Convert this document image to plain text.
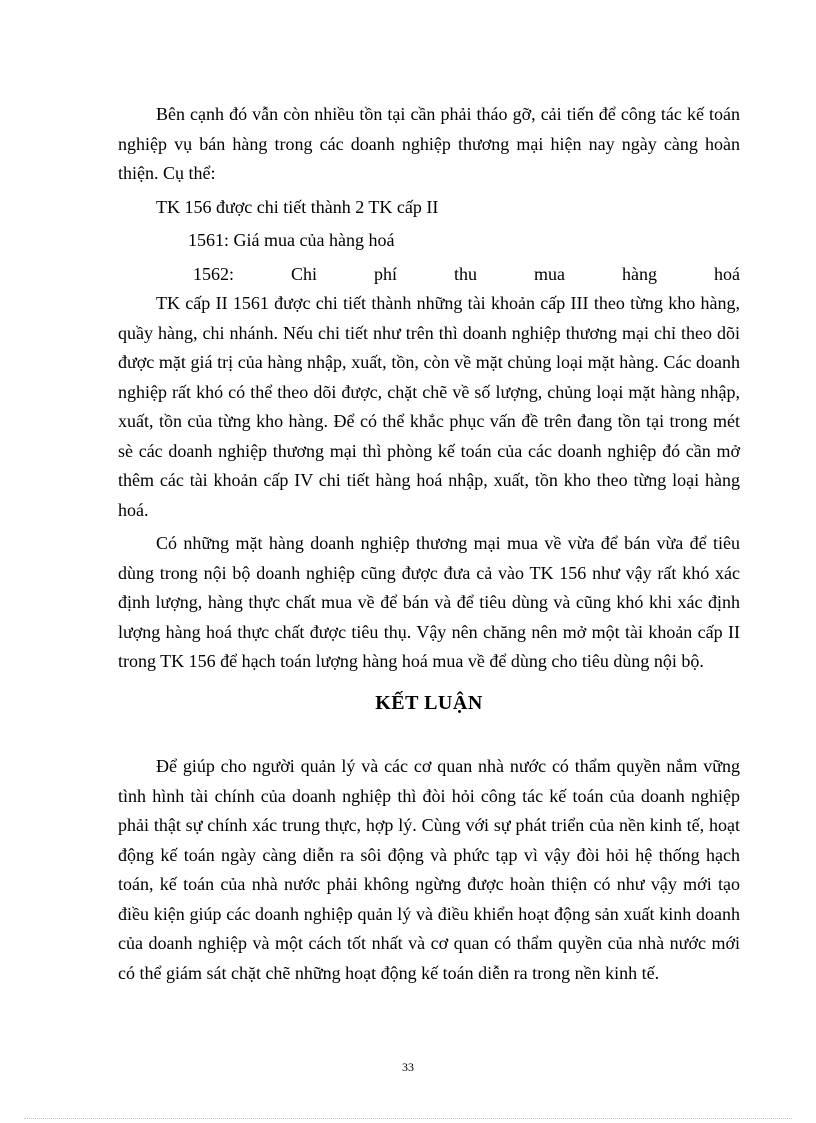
Bên cạnh đó vẫn còn nhiều tồn tại cần phải tháo gỡ, cải tiến để công tác kế toán nghiệp vụ bán hàng trong các doanh nghiệp thương mại hiện nay ngày càng hoàn thiện. Cụ thể:

TK 156 được chi tiết thành 2 TK cấp II

1561: Giá mua của hàng hoá

1562:	Chi	phí	thu	mua	hàng	hoá

TK cấp II 1561 được chi tiết thành những tài khoản cấp III theo từng kho hàng, quầy hàng, chi nhánh. Nếu chi tiết như trên thì doanh nghiệp thương mại chỉ theo dõi được mặt giá trị của hàng nhập, xuất, tồn, còn về mặt chủng loại mặt hàng. Các doanh nghiệp rất khó có thể theo dõi được, chặt chẽ về số lượng, chủng loại mặt hàng nhập, xuất, tồn của từng kho hàng. Để có thể khắc phục vấn đề trên đang tồn tại trong mét sè các doanh nghiệp thương mại thì phòng kế toán của các doanh nghiệp đó cần mở thêm các tài khoản cấp IV chi tiết hàng hoá nhập, xuất, tồn kho theo từng loại hàng hoá.

Có những mặt hàng doanh nghiệp thương mại mua về vừa để bán vừa để tiêu dùng trong nội bộ doanh nghiệp cũng được đưa cả vào TK 156 như vậy rất khó xác định lượng, hàng thực chất mua về để bán và để tiêu dùng và cũng khó khi xác định lượng hàng hoá thực chất được tiêu thụ. Vậy nên chăng nên mở một tài khoản cấp II trong TK 156 để hạch toán lượng hàng hoá mua về để dùng cho tiêu dùng nội bộ.

KẾT LUẬN

Để giúp cho người quản lý và các cơ quan nhà nước có thẩm quyền nắm vững tình hình tài chính của doanh nghiệp thì đòi hỏi công tác kế toán của doanh nghiệp phải thật sự chính xác trung thực, hợp lý. Cùng với sự phát triển của nền kinh tế, hoạt động kế toán ngày càng diễn ra sôi động và phức tạp vì vậy đòi hỏi hệ thống hạch toán, kế toán của nhà nước phải không ngừng được hoàn thiện có như vậy mới tạo điều kiện giúp các doanh nghiệp quản lý và điều khiển hoạt động sản xuất kinh doanh của doanh nghiệp và một cách tốt nhất và cơ quan có thẩm quyền của nhà nước mới có thể giám sát chặt chẽ những hoạt động kế toán diễn ra trong nền kinh tế.

33
